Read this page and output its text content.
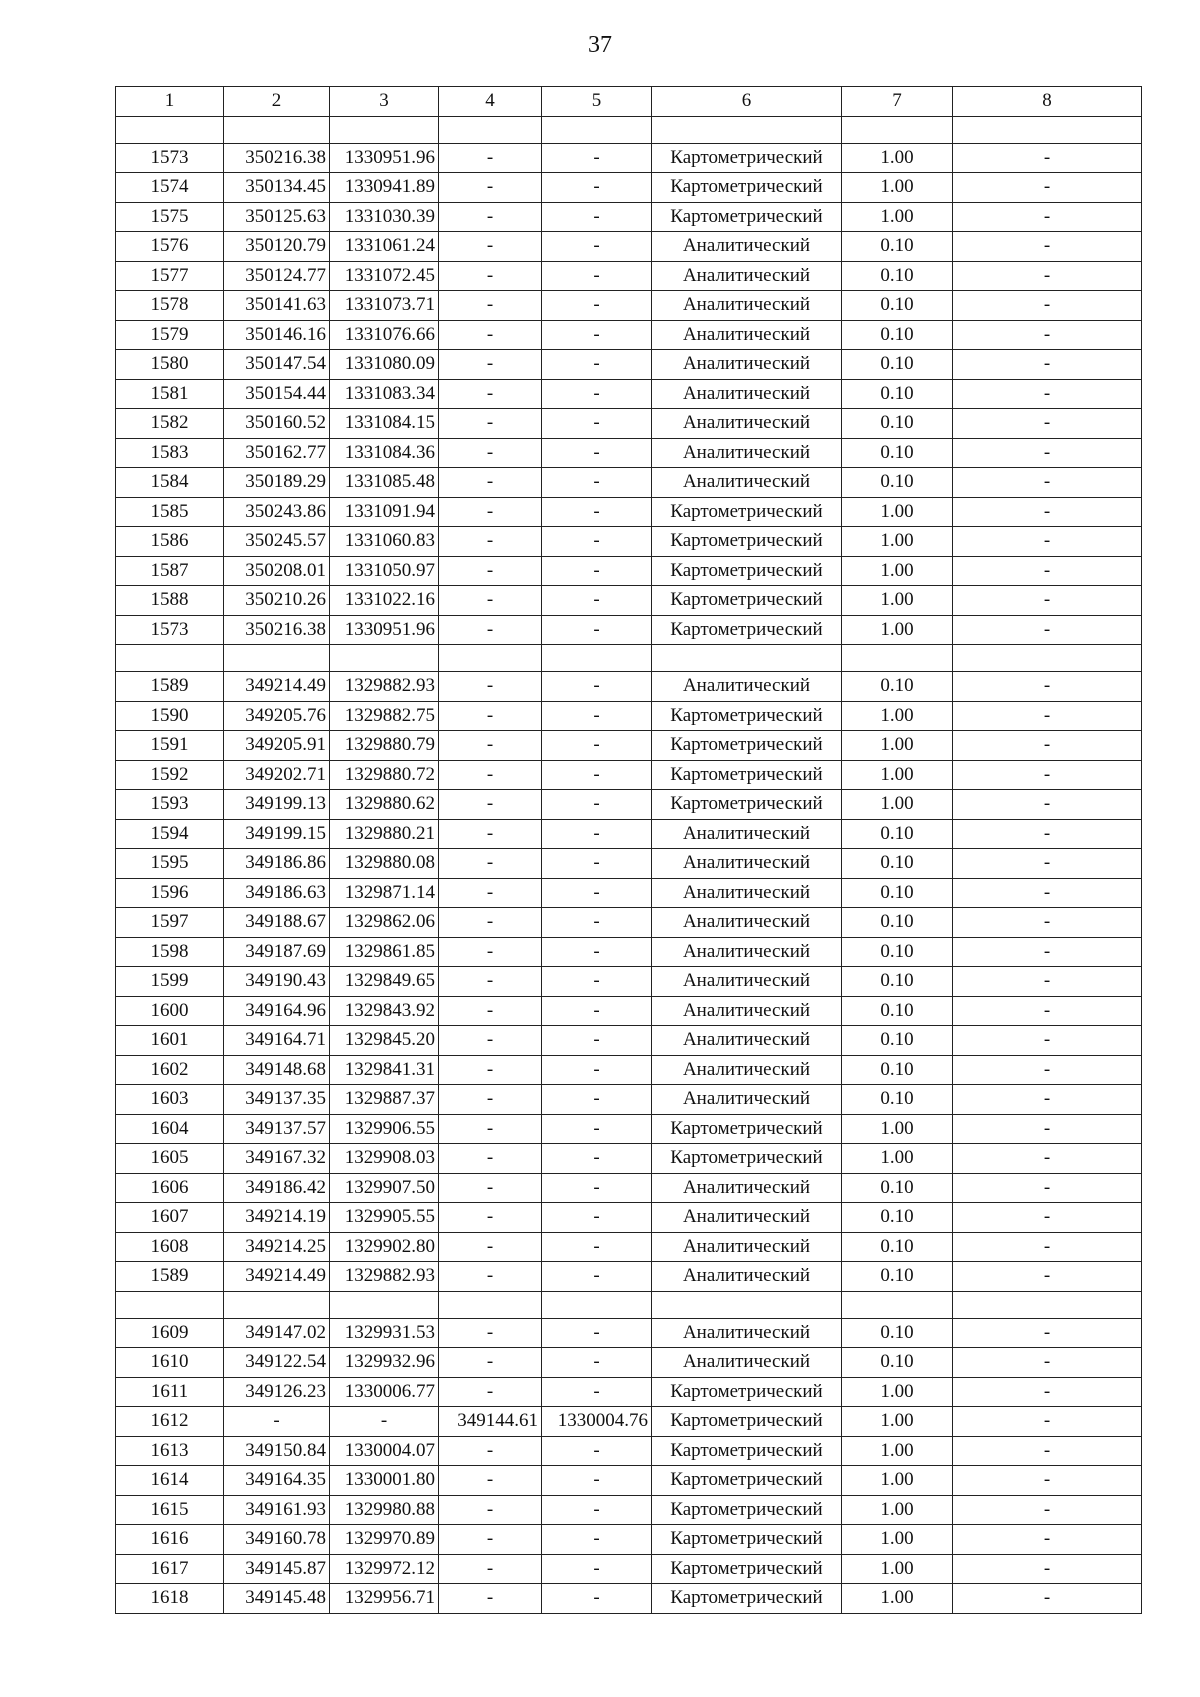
37
1	2	3	4	5	6	7	8

1573	350216.38	1330951.96	-	-	Картометрический	1.00	-
1574	350134.45	1330941.89	-	-	Картометрический	1.00	-
1575	350125.63	1331030.39	-	-	Картометрический	1.00	-
1576	350120.79	1331061.24	-	-	Аналитический	0.10	-
1577	350124.77	1331072.45	-	-	Аналитический	0.10	-
1578	350141.63	1331073.71	-	-	Аналитический	0.10	-
1579	350146.16	1331076.66	-	-	Аналитический	0.10	-
1580	350147.54	1331080.09	-	-	Аналитический	0.10	-
1581	350154.44	1331083.34	-	-	Аналитический	0.10	-
1582	350160.52	1331084.15	-	-	Аналитический	0.10	-
1583	350162.77	1331084.36	-	-	Аналитический	0.10	-
1584	350189.29	1331085.48	-	-	Аналитический	0.10	-
1585	350243.86	1331091.94	-	-	Картометрический	1.00	-
1586	350245.57	1331060.83	-	-	Картометрический	1.00	-
1587	350208.01	1331050.97	-	-	Картометрический	1.00	-
1588	350210.26	1331022.16	-	-	Картометрический	1.00	-
1573	350216.38	1330951.96	-	-	Картометрический	1.00	-

1589	349214.49	1329882.93	-	-	Аналитический	0.10	-
1590	349205.76	1329882.75	-	-	Картометрический	1.00	-
1591	349205.91	1329880.79	-	-	Картометрический	1.00	-
1592	349202.71	1329880.72	-	-	Картометрический	1.00	-
1593	349199.13	1329880.62	-	-	Картометрический	1.00	-
1594	349199.15	1329880.21	-	-	Аналитический	0.10	-
1595	349186.86	1329880.08	-	-	Аналитический	0.10	-
1596	349186.63	1329871.14	-	-	Аналитический	0.10	-
1597	349188.67	1329862.06	-	-	Аналитический	0.10	-
1598	349187.69	1329861.85	-	-	Аналитический	0.10	-
1599	349190.43	1329849.65	-	-	Аналитический	0.10	-
1600	349164.96	1329843.92	-	-	Аналитический	0.10	-
1601	349164.71	1329845.20	-	-	Аналитический	0.10	-
1602	349148.68	1329841.31	-	-	Аналитический	0.10	-
1603	349137.35	1329887.37	-	-	Аналитический	0.10	-
1604	349137.57	1329906.55	-	-	Картометрический	1.00	-
1605	349167.32	1329908.03	-	-	Картометрический	1.00	-
1606	349186.42	1329907.50	-	-	Аналитический	0.10	-
1607	349214.19	1329905.55	-	-	Аналитический	0.10	-
1608	349214.25	1329902.80	-	-	Аналитический	0.10	-
1589	349214.49	1329882.93	-	-	Аналитический	0.10	-

1609	349147.02	1329931.53	-	-	Аналитический	0.10	-
1610	349122.54	1329932.96	-	-	Аналитический	0.10	-
1611	349126.23	1330006.77	-	-	Картометрический	1.00	-
1612	-	-	349144.61	1330004.76	Картометрический	1.00	-
1613	349150.84	1330004.07	-	-	Картометрический	1.00	-
1614	349164.35	1330001.80	-	-	Картометрический	1.00	-
1615	349161.93	1329980.88	-	-	Картометрический	1.00	-
1616	349160.78	1329970.89	-	-	Картометрический	1.00	-
1617	349145.87	1329972.12	-	-	Картометрический	1.00	-
1618	349145.48	1329956.71	-	-	Картометрический	1.00	-
